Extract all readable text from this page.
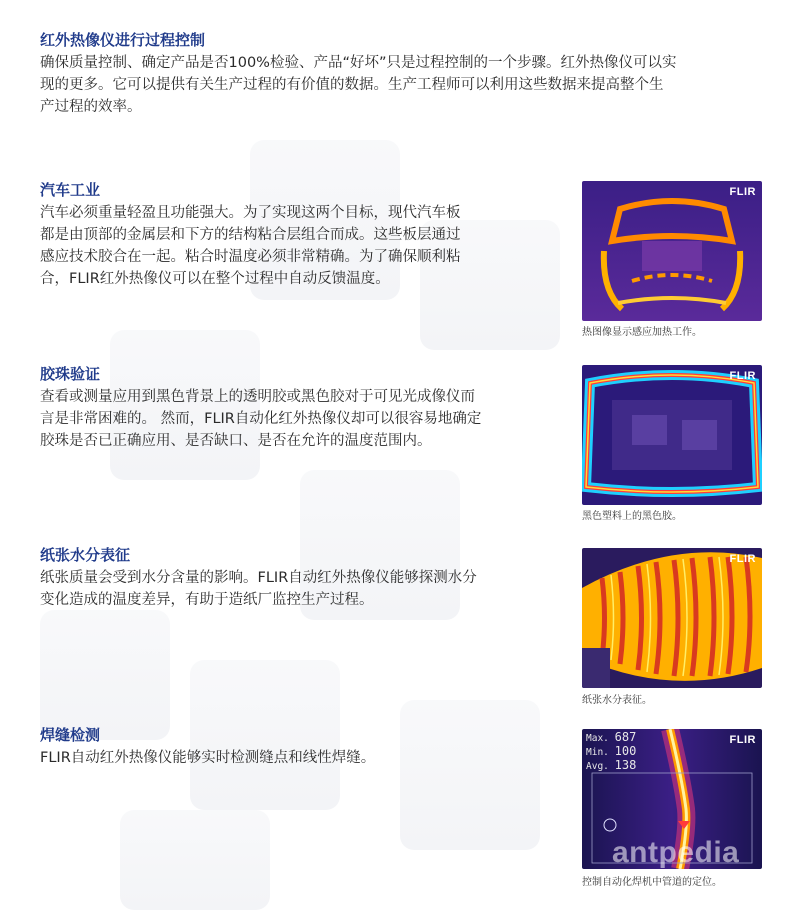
红外热像仪进行过程控制
确保质量控制、确定产品是否100%检验、产品“好坏”只是过程控制的一个步骤。红外热像仪可以实
现的更多。它可以提供有关生产过程的有价值的数据。生产工程师可以利用这些数据来提高整个生
产过程的效率。
汽车工业
汽车必须重量轻盈且功能强大。为了实现这两个目标，现代汽车板
都是由顶部的金属层和下方的结构粘合层组合而成。这些板层通过
感应技术胶合在一起。粘合时温度必须非常精确。为了确保顺利粘
合，FLIR红外热像仪可以在整个过程中自动反馈温度。
FLIR
热图像显示感应加热工作。
胶珠验证
查看或测量应用到黑色背景上的透明胶或黑色胶对于可见光成像仪而
言是非常困难的。 然而，FLIR自动化红外热像仪却可以很容易地确定
胶珠是否已正确应用、是否缺口、是否在允许的温度范围内。
FLIR
黑色塑料上的黑色胶。
纸张水分表征
纸张质量会受到水分含量的影响。FLIR自动红外热像仪能够探测水分
变化造成的温度差异，有助于造纸厂监控生产过程。
FLIR
纸张水分表征。
焊缝检测
FLIR自动红外热像仪能够实时检测缝点和线性焊缝。
Max. 687
Min. 100
Avg. 138
FLIR
antpedia
控制自动化焊机中管道的定位。
